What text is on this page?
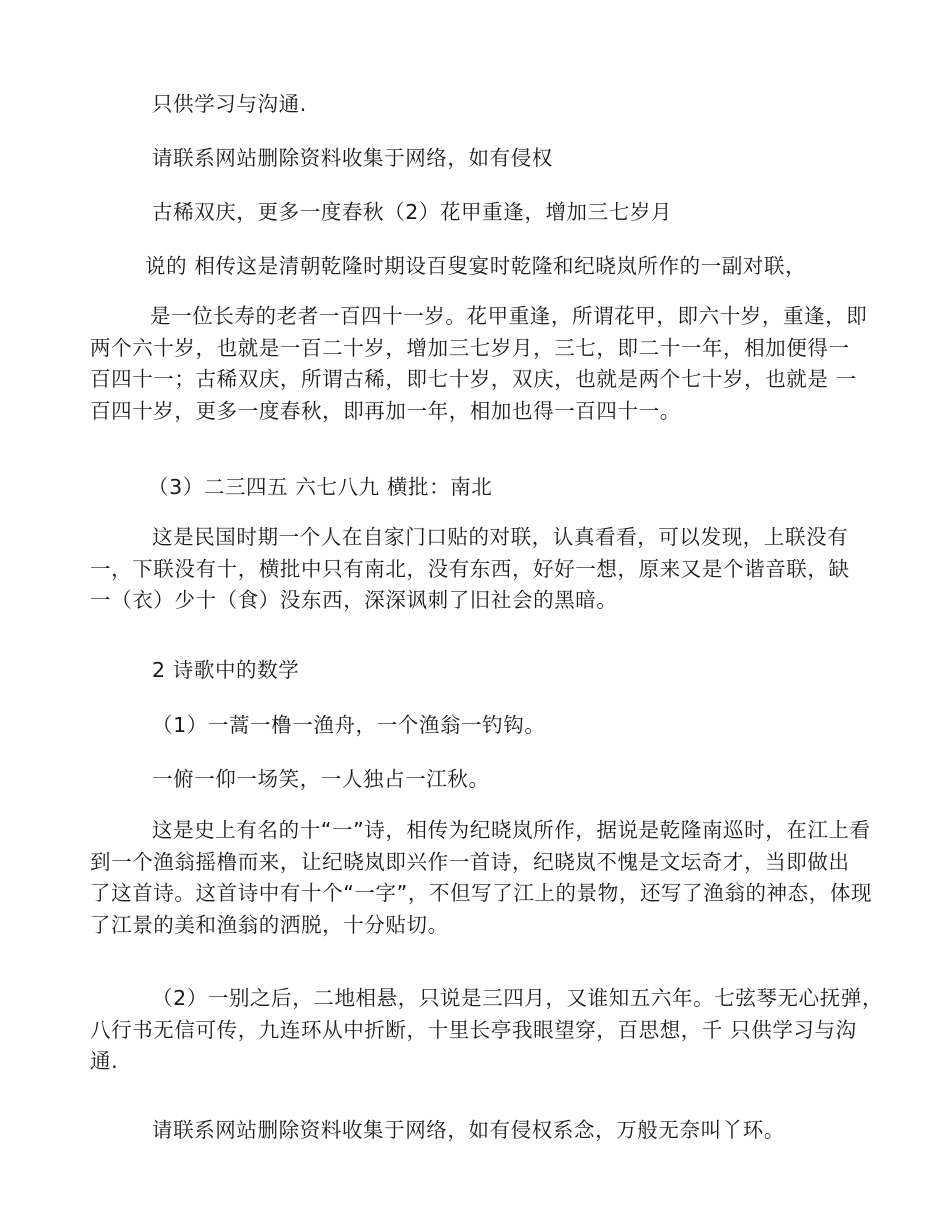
只供学习与沟通.
请联系网站删除资料收集于网络，如有侵权
古稀双庆，更多一度春秋（2）花甲重逢，增加三七岁月
说的 相传这是清朝乾隆时期设百叟宴时乾隆和纪晓岚所作的一副对联，
是一位长寿的老者一百四十一岁。花甲重逢，所谓花甲，即六十岁，重逢，即
两个六十岁，也就是一百二十岁，增加三七岁月，三七，即二十一年，相加便得一
百四十一；古稀双庆，所谓古稀，即七十岁，双庆，也就是两个七十岁，也就是 一
百四十岁，更多一度春秋，即再加一年，相加也得一百四十一。
（3）二三四五 六七八九 横批：南北
这是民国时期一个人在自家门口贴的对联，认真看看，可以发现，上联没有
一，下联没有十，横批中只有南北，没有东西，好好一想，原来又是个谐音联，缺
一（衣）少十（食）没东西，深深讽刺了旧社会的黑暗。
2 诗歌中的数学
（1）一蒿一橹一渔舟，一个渔翁一钓钩。
一俯一仰一场笑，一人独占一江秋。
这是史上有名的十“一”诗，相传为纪晓岚所作，据说是乾隆南巡时，在江上看
到一个渔翁摇橹而来，让纪晓岚即兴作一首诗，纪晓岚不愧是文坛奇才，当即做出
了这首诗。这首诗中有十个“一字”，不但写了江上的景物，还写了渔翁的神态，体现
了江景的美和渔翁的洒脱，十分贴切。
（2）一别之后，二地相悬，只说是三四月，又谁知五六年。七弦琴无心抚弹，
八行书无信可传，九连环从中折断，十里长亭我眼望穿，百思想，千 只供学习与沟
通.
请联系网站删除资料收集于网络，如有侵权系念，万般无奈叫丫环。
